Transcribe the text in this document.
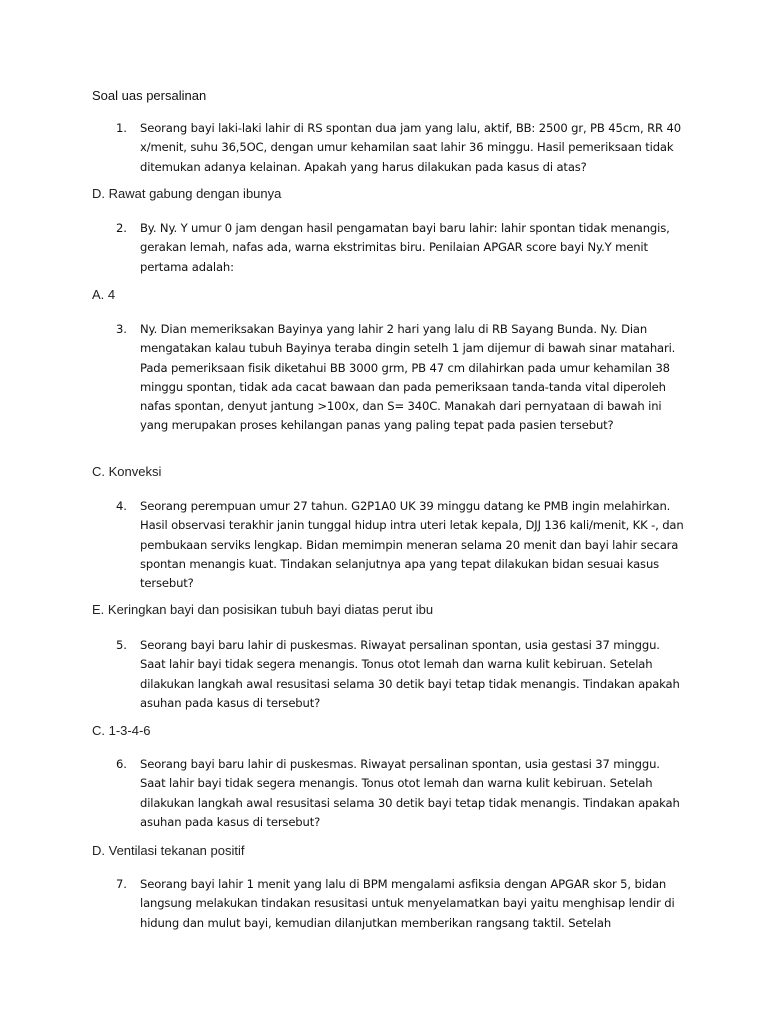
Soal uas persalinan
1.	Seorang bayi laki-laki lahir di RS spontan dua jam yang lalu, aktif, BB: 2500 gr, PB 45cm, RR 40 x/menit, suhu 36,5OC, dengan umur kehamilan saat lahir 36 minggu. Hasil pemeriksaan tidak ditemukan adanya kelainan. Apakah yang harus dilakukan pada kasus di atas?
D. Rawat gabung dengan ibunya
2.	By. Ny. Y umur 0 jam dengan hasil pengamatan bayi baru lahir: lahir spontan tidak menangis, gerakan lemah, nafas ada, warna ekstrimitas biru. Penilaian APGAR score bayi Ny.Y menit pertama adalah:
A. 4
3.	Ny. Dian memeriksakan Bayinya yang lahir 2 hari yang lalu di RB Sayang Bunda. Ny. Dian mengatakan kalau tubuh Bayinya teraba dingin setelh 1 jam dijemur di bawah sinar matahari. Pada pemeriksaan fisik diketahui BB 3000 grm, PB 47 cm dilahirkan pada umur kehamilan 38 minggu spontan, tidak ada cacat bawaan dan pada pemeriksaan tanda-tanda vital diperoleh nafas spontan, denyut jantung >100x, dan S= 340C. Manakah dari pernyataan di bawah ini yang merupakan proses kehilangan panas yang paling tepat pada pasien tersebut?
C. Konveksi
4.	Seorang perempuan umur 27 tahun. G2P1A0 UK 39 minggu datang ke PMB ingin melahirkan. Hasil observasi terakhir janin tunggal hidup intra uteri letak kepala, DJJ 136 kali/menit, KK -, dan pembukaan serviks lengkap. Bidan memimpin meneran selama 20 menit dan bayi lahir secara spontan menangis kuat. Tindakan selanjutnya apa yang tepat dilakukan bidan sesuai kasus tersebut?
E. Keringkan bayi dan posisikan tubuh bayi diatas perut ibu
5.	Seorang bayi baru lahir di puskesmas. Riwayat persalinan spontan, usia gestasi 37 minggu. Saat lahir bayi tidak segera menangis. Tonus otot lemah dan warna kulit kebiruan. Setelah dilakukan langkah awal resusitasi selama 30 detik bayi tetap tidak menangis. Tindakan apakah asuhan pada kasus di tersebut?
C. 1-3-4-6
6.	Seorang bayi baru lahir di puskesmas. Riwayat persalinan spontan, usia gestasi 37 minggu. Saat lahir bayi tidak segera menangis. Tonus otot lemah dan warna kulit kebiruan. Setelah dilakukan langkah awal resusitasi selama 30 detik bayi tetap tidak menangis. Tindakan apakah asuhan pada kasus di tersebut?
D. Ventilasi tekanan positif
7.	Seorang bayi lahir 1 menit yang lalu di BPM mengalami asfiksia dengan APGAR skor 5, bidan langsung melakukan tindakan resusitasi untuk menyelamatkan bayi yaitu menghisap lendir di hidung dan mulut bayi, kemudian dilanjutkan memberikan rangsang taktil. Setelah
